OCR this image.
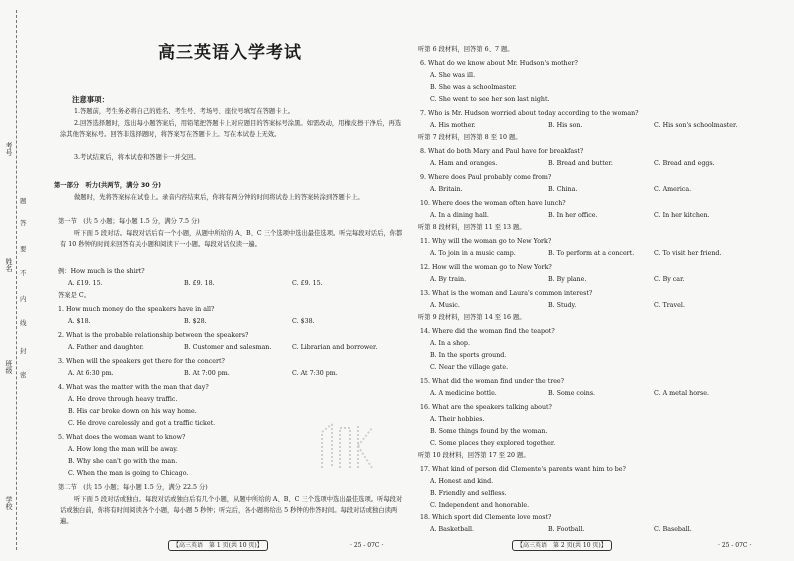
考号
姓名
班级
学校
题
答
要
不
内
线
封
密
高三英语入学考试
注意事项：
1.答题前，考生务必将自己的姓名、考生号、考场号、座位号填写在答题卡上。
2.回答选择题时，选出每小题答案后，用铅笔把答题卡上对应题目的答案标号涂黑。如需改动，用橡皮擦干净后，再选涂其他答案标号。回答非选择题时，将答案写在答题卡上。写在本试卷上无效。
3.考试结束后，将本试卷和答题卡一并交回。
第一部分　听力(共两节，满分 30 分)
做题时，先将答案标在试卷上。录音内容结束后，你将有两分钟的时间将试卷上的答案转涂到答题卡上。
第一节　(共 5 小题；每小题 1.5 分，满分 7.5 分)
听下面 5 段对话。每段对话后有一个小题，从题中所给的 A、B、C 三个选项中选出最佳选项。听完每段对话后，你都有 10 秒钟的时间来回答有关小题和阅读下一小题。每段对话仅读一遍。
例：How much is the shirt?
A. £19. 15.	B. £9. 18.	C. £9. 15.
答案是 C。
1. How much money do the speakers have in all?
A. $18.	B. $28.	C. $38.
2. What is the probable relationship between the speakers?
A. Father and daughter.	B. Customer and salesman.	C. Librarian and borrower.
3. When will the speakers get there for the concert?
A. At 6:30 pm.	B. At 7:00 pm.	C. At 7:30 pm.
4. What was the matter with the man that day?
A. He drove through heavy traffic.
B. His car broke down on his way home.
C. He drove carelessly and got a traffic ticket.
5. What does the woman want to know?
A. How long the man will be away.
B. Why she can't go with the man.
C. When the man is going to Chicago.
第二节　(共 15 小题；每小题 1.5 分，满分 22.5 分)
听下面 5 段对话或独白。每段对话或独白后有几个小题，从题中所给的 A、B、C 三个选项中选出最佳选项。听每段对话或独白前，你将有时间阅读各个小题，每小题 5 秒钟；听完后，各小题将给出 5 秒钟的作答时间。每段对话或独白读两遍。
【高三英语　第 1 页(共 10 页)】	· 25 - 07C ·
听第 6 段材料，回答第 6、7 题。
6. What do we know about Mr. Hudson's mother?
A. She was ill.
B. She was a schoolmaster.
C. She went to see her son last night.
7. Who is Mr. Hudson worried about today according to the woman?
A. His mother.	B. His son.	C. His son's schoolmaster.
听第 7 段材料，回答第 8 至 10 题。
8. What do both Mary and Paul have for breakfast?
A. Ham and oranges.	B. Bread and butter.	C. Bread and eggs.
9. Where does Paul probably come from?
A. Britain.	B. China.	C. America.
10. Where does the woman often have lunch?
A. In a dining hall.	B. In her office.	C. In her kitchen.
听第 8 段材料，回答第 11 至 13 题。
11. Why will the woman go to New York?
A. To join in a music camp.	B. To perform at a concert.	C. To visit her friend.
12. How will the woman go to New York?
A. By train.	B. By plane.	C. By car.
13. What is the woman and Laura's common interest?
A. Music.	B. Study.	C. Travel.
听第 9 段材料，回答第 14 至 16 题。
14. Where did the woman find the teapot?
A. In a shop.
B. In the sports ground.
C. Near the village gate.
15. What did the woman find under the tree?
A. A medicine bottle.	B. Some coins.	C. A metal horse.
16. What are the speakers talking about?
A. Their hobbies.
B. Some things found by the woman.
C. Some places they explored together.
听第 10 段材料，回答第 17 至 20 题。
17. What kind of person did Clemente's parents want him to be?
A. Honest and kind.
B. Friendly and selfless.
C. Independent and honorable.
18. Which sport did Clemente love most?
A. Basketball.	B. Football.	C. Baseball.
【高三英语　第 2 页(共 10 页)】	· 25 - 07C ·
